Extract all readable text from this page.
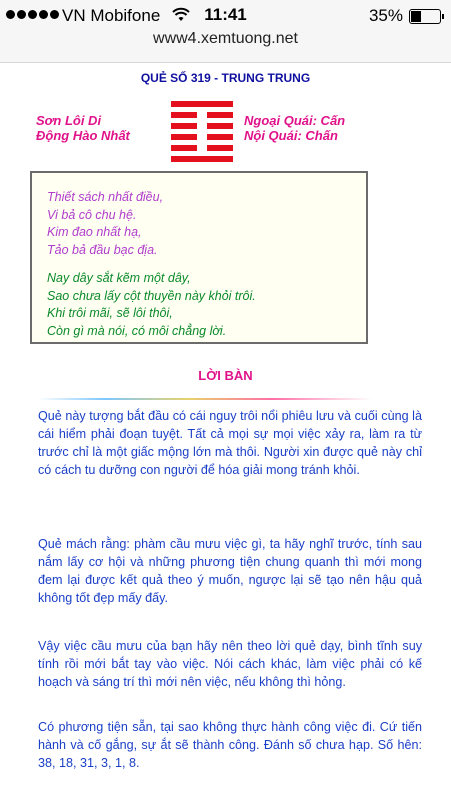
VN Mobifone	11:41	35%
www4.xemtuong.net
QUẺ SỐ 319 - TRUNG TRUNG
Sơn Lôi Di
Động Hào Nhất
Ngoại Quái: Cấn
Nội Quái: Chấn
Thiết sách nhất điều,
Vi bả cô chu hệ.
Kim đao nhất hạ,
Tảo bả đầu bạc địa.
Nay dây sắt kẽm một dây,
Sao chưa lấy cột thuyền này khỏi trôi.
Khi trôi mãi, sẽ lôi thôi,
Còn gì mà nói, có môi chẳng lời.
LỜI BÀN
Quẻ này tượng bắt đầu có cái nguy trôi nổi phiêu lưu và cuối cùng là cái hiểm phải đoạn tuyệt. Tất cả mọi sự mọi việc xảy ra, làm ra từ trước chỉ là một giấc mộng lớn mà thôi. Người xin được quẻ này chỉ có cách tu dưỡng con người để hóa giải mong tránh khỏi.
Quẻ mách rằng: phàm cầu mưu việc gì, ta hãy nghĩ trước, tính sau nắm lấy cơ hội và những phương tiện chung quanh thì mới mong đem lại được kết quả theo ý muốn, ngược lại sẽ tạo nên hậu quả không tốt đẹp mấy đấy.
Vậy việc cầu mưu của bạn hãy nên theo lời quẻ dạy, bình tĩnh suy tính rồi mới bắt tay vào việc. Nói cách khác, làm việc phải có kế hoạch và sáng trí thì mới nên việc, nếu không thì hỏng.
Có phương tiện sẵn, tại sao không thực hành công việc đi. Cứ tiến hành và cố gắng, sự ắt sẽ thành công. Đánh số chưa hạp. Số hên: 38, 18, 31, 3, 1, 8.
